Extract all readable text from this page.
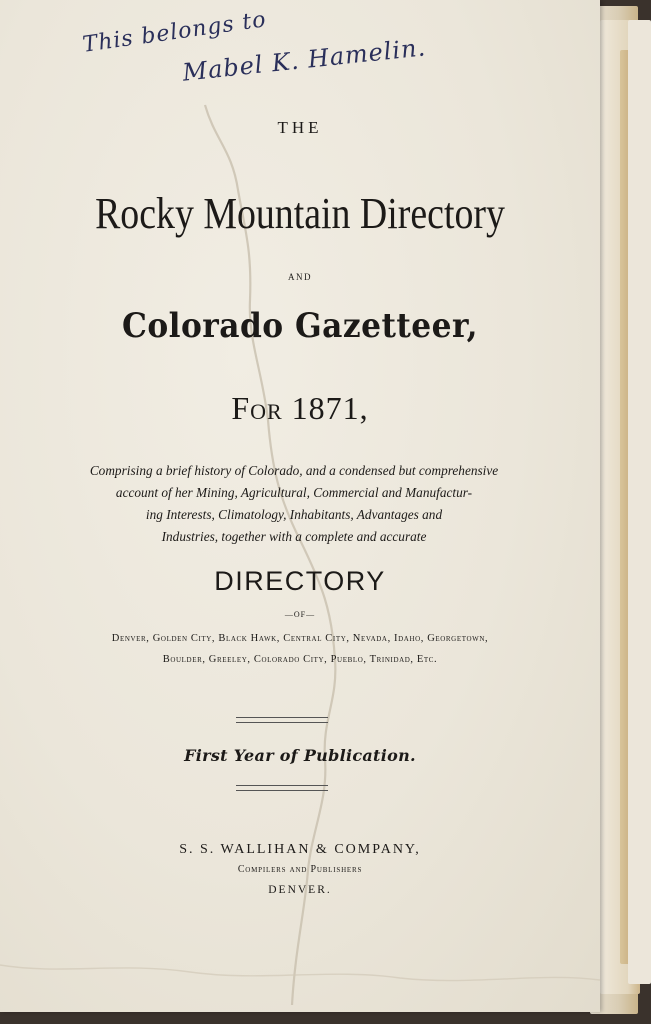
This belongs to
Mabel K. Hamelin.
THE
Rocky Mountain Directory
AND
Colorado Gazetteer,
For 1871,
Comprising a brief history of Colorado, and a condensed but comprehensive
account of her Mining, Agricultural, Commercial and Manufactur-
ing Interests, Climatology, Inhabitants, Advantages and
Industries, together with a complete and accurate
DIRECTORY
—OF—
Denver, Golden City, Black Hawk, Central City, Nevada, Idaho, Georgetown,
Boulder, Greeley, Colorado City, Pueblo, Trinidad, Etc.
First Year of Publication.
S. S. WALLIHAN & COMPANY,
Compilers and Publishers
DENVER.
